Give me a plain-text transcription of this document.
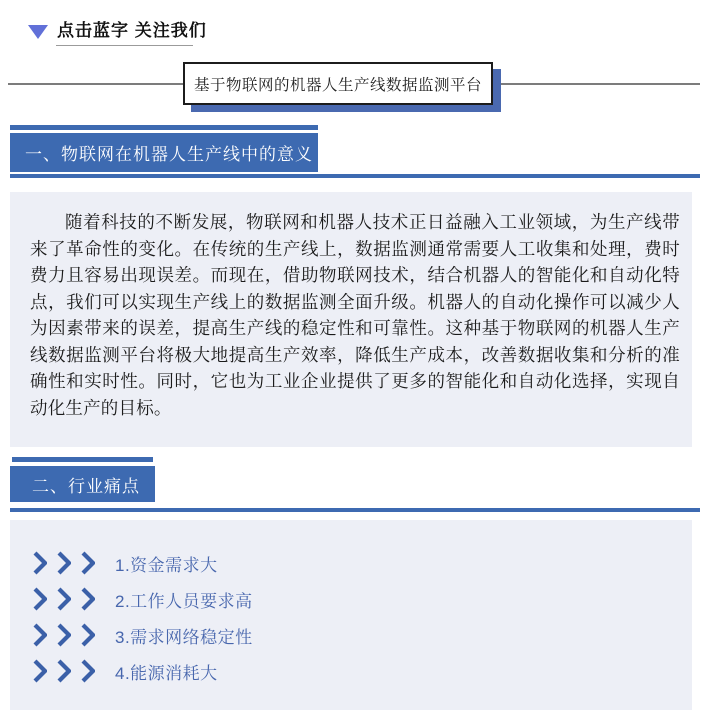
点击蓝字 关注我们
基于物联网的机器人生产线数据监测平台
一、物联网在机器人生产线中的意义

随着科技的不断发展，物联网和机器人技术正日益融入工业领域，为生产线带来了革命性的变化。在传统的生产线上，数据监测通常需要人工收集和处理，费时费力且容易出现误差。而现在，借助物联网技术，结合机器人的智能化和自动化特点，我们可以实现生产线上的数据监测全面升级。机器人的自动化操作可以减少人为因素带来的误差，提高生产线的稳定性和可靠性。这种基于物联网的机器人生产线数据监测平台将极大地提高生产效率，降低生产成本，改善数据收集和分析的准确性和实时性。同时，它也为工业企业提供了更多的智能化和自动化选择，实现自动化生产的目标。

二、行业痛点
1.资金需求大
2.工作人员要求高
3.需求网络稳定性
4.能源消耗大
